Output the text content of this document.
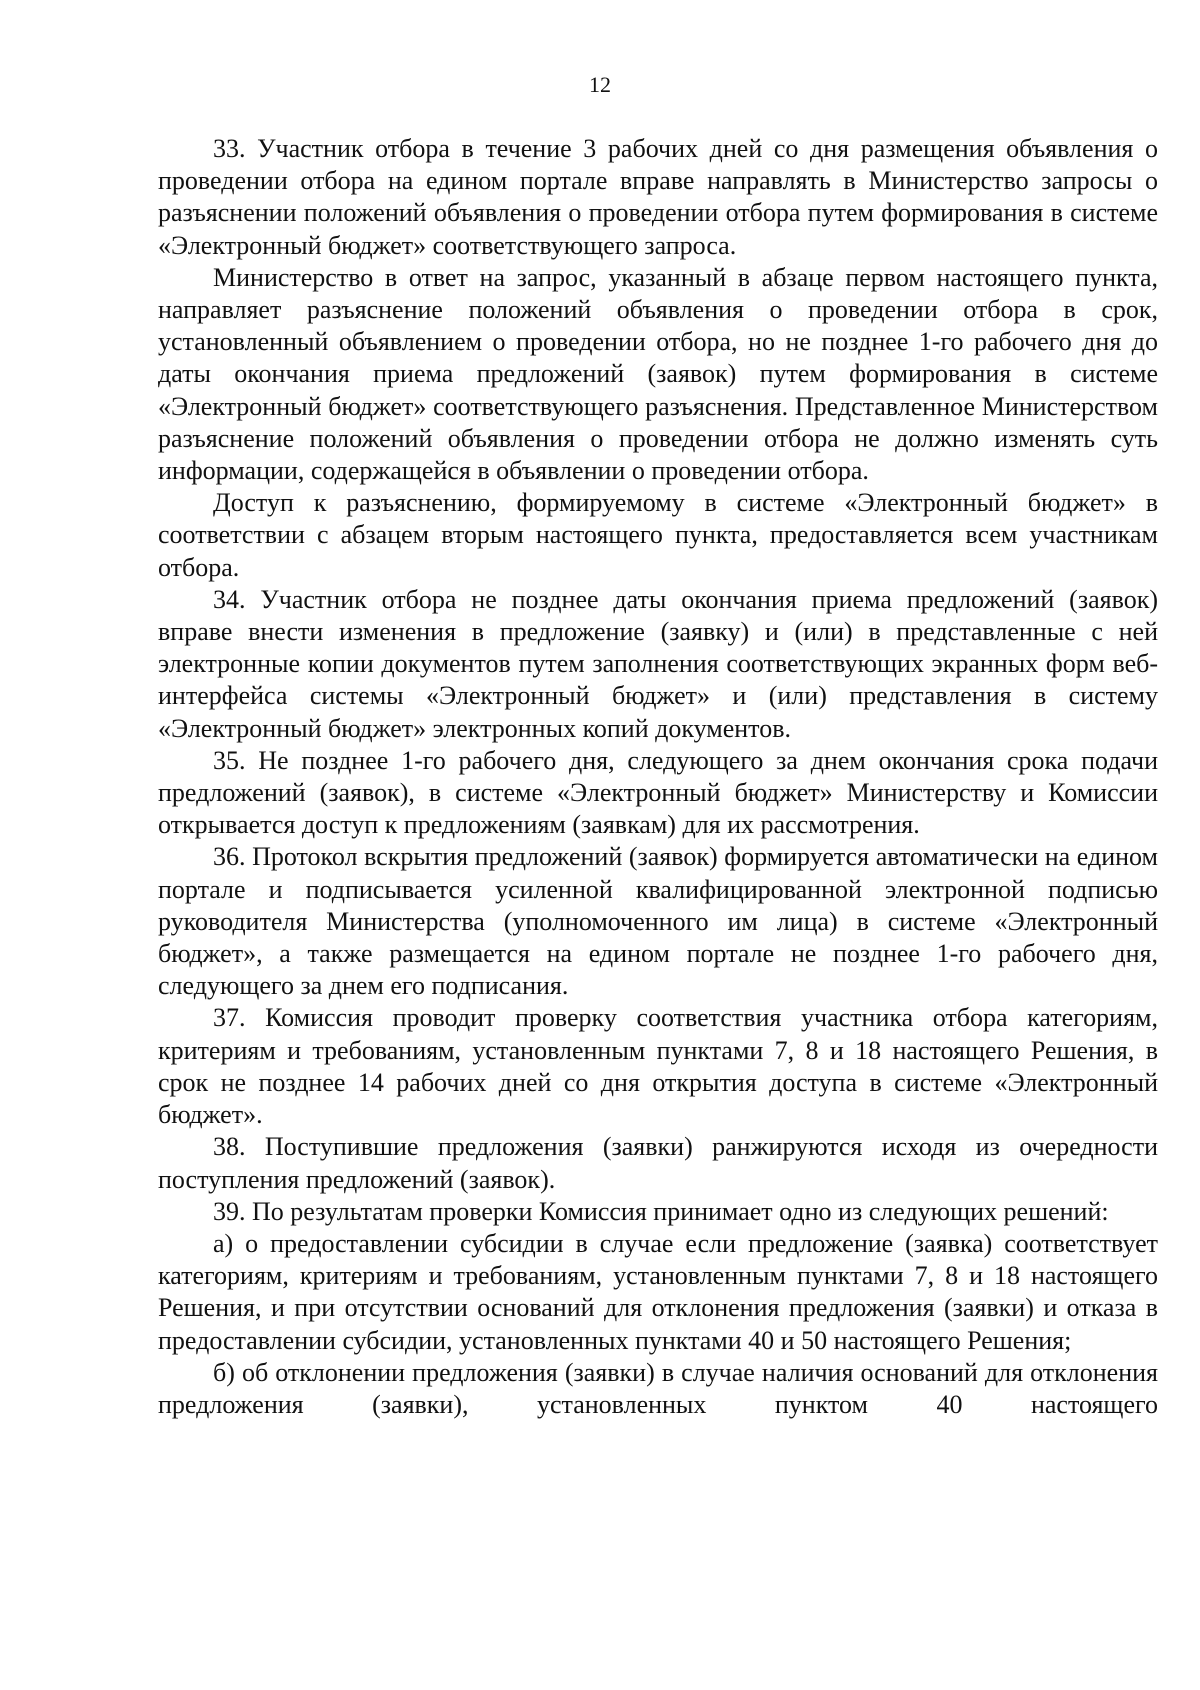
12

33. Участник отбора в течение 3 рабочих дней со дня размещения объявления о проведении отбора на едином портале вправе направлять в Министерство запросы о разъяснении положений объявления о проведении отбора путем формирования в системе «Электронный бюджет» соответствующего запроса.

Министерство в ответ на запрос, указанный в абзаце первом настоящего пункта, направляет разъяснение положений объявления о проведении отбора в срок, установленный объявлением о проведении отбора, но не позднее 1-го рабочего дня до даты окончания приема предложений (заявок) путем формирования в системе «Электронный бюджет» соответствующего разъяснения. Представленное Министерством разъяснение положений объявления о проведении отбора не должно изменять суть информации, содержащейся в объявлении о проведении отбора.

Доступ к разъяснению, формируемому в системе «Электронный бюджет» в соответствии с абзацем вторым настоящего пункта, предоставляется всем участникам отбора.

34. Участник отбора не позднее даты окончания приема предложений (заявок) вправе внести изменения в предложение (заявку) и (или) в представленные с ней электронные копии документов путем заполнения соответствующих экранных форм веб-интерфейса системы «Электронный бюджет» и (или) представления в систему «Электронный бюджет» электронных копий документов.

35. Не позднее 1-го рабочего дня, следующего за днем окончания срока подачи предложений (заявок), в системе «Электронный бюджет» Министерству и Комиссии открывается доступ к предложениям (заявкам) для их рассмотрения.

36. Протокол вскрытия предложений (заявок) формируется автоматически на едином портале и подписывается усиленной квалифицированной электронной подписью руководителя Министерства (уполномоченного им лица) в системе «Электронный бюджет», а также размещается на едином портале не позднее 1-го рабочего дня, следующего за днем его подписания.

37. Комиссия проводит проверку соответствия участника отбора категориям, критериям и требованиям, установленным пунктами 7, 8 и 18 настоящего Решения, в срок не позднее 14 рабочих дней со дня открытия доступа в системе «Электронный бюджет».

38. Поступившие предложения (заявки) ранжируются исходя из очередности поступления предложений (заявок).

39. По результатам проверки Комиссия принимает одно из следующих решений:

а) о предоставлении субсидии в случае если предложение (заявка) соответствует категориям, критериям и требованиям, установленным пунктами 7, 8 и 18 настоящего Решения, и при отсутствии оснований для отклонения предложения (заявки) и отказа в предоставлении субсидии, установленных пунктами 40 и 50 настоящего Решения;

б) об отклонении предложения (заявки) в случае наличия оснований для отклонения предложения (заявки), установленных пунктом 40 настоящего
